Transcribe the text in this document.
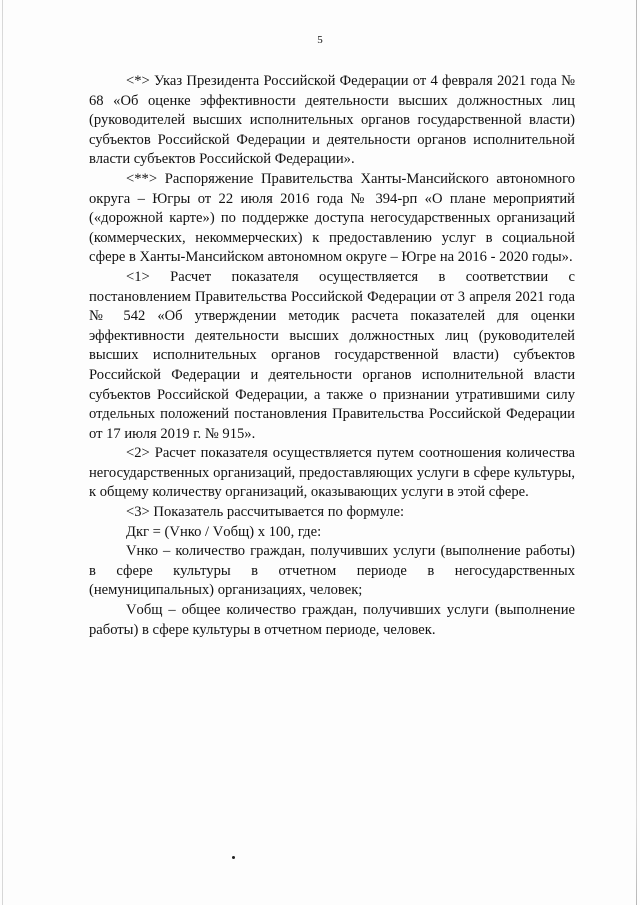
5

<*> Указ Президента Российской Федерации от 4 февраля 2021 года № 68 «Об оценке эффективности деятельности высших должностных лиц (руководителей высших исполнительных органов государственной власти) субъектов Российской Федерации и деятельности органов исполнительной власти субъектов Российской Федерации».

<**> Распоряжение Правительства Ханты-Мансийского автономного округа – Югры от 22 июля 2016 года № 394-рп «О плане мероприятий («дорожной карте») по поддержке доступа негосударственных организаций (коммерческих, некоммерческих) к предоставлению услуг в социальной сфере в Ханты-Мансийском автономном округе – Югре на 2016 - 2020 годы».

<1> Расчет показателя осуществляется в соответствии с постановлением Правительства Российской Федерации от 3 апреля 2021 года № 542 «Об утверждении методик расчета показателей для оценки эффективности деятельности высших должностных лиц (руководителей высших исполнительных органов государственной власти) субъектов Российской Федерации и деятельности органов исполнительной власти субъектов Российской Федерации, а также о признании утратившими силу отдельных положений постановления Правительства Российской Федерации от 17 июля 2019 г. № 915».

<2> Расчет показателя осуществляется путем соотношения количества негосударственных организаций, предоставляющих услуги в сфере культуры, к общему количеству организаций, оказывающих услуги в этой сфере.

<3> Показатель рассчитывается по формуле:

Дкг = (Vнко / Vобщ) х 100, где:

Vнко – количество граждан, получивших услуги (выполнение работы) в сфере культуры в отчетном периоде в негосударственных (немуниципальных) организациях, человек;

Vобщ – общее количество граждан, получивших услуги (выполнение работы) в сфере культуры в отчетном периоде, человек.
